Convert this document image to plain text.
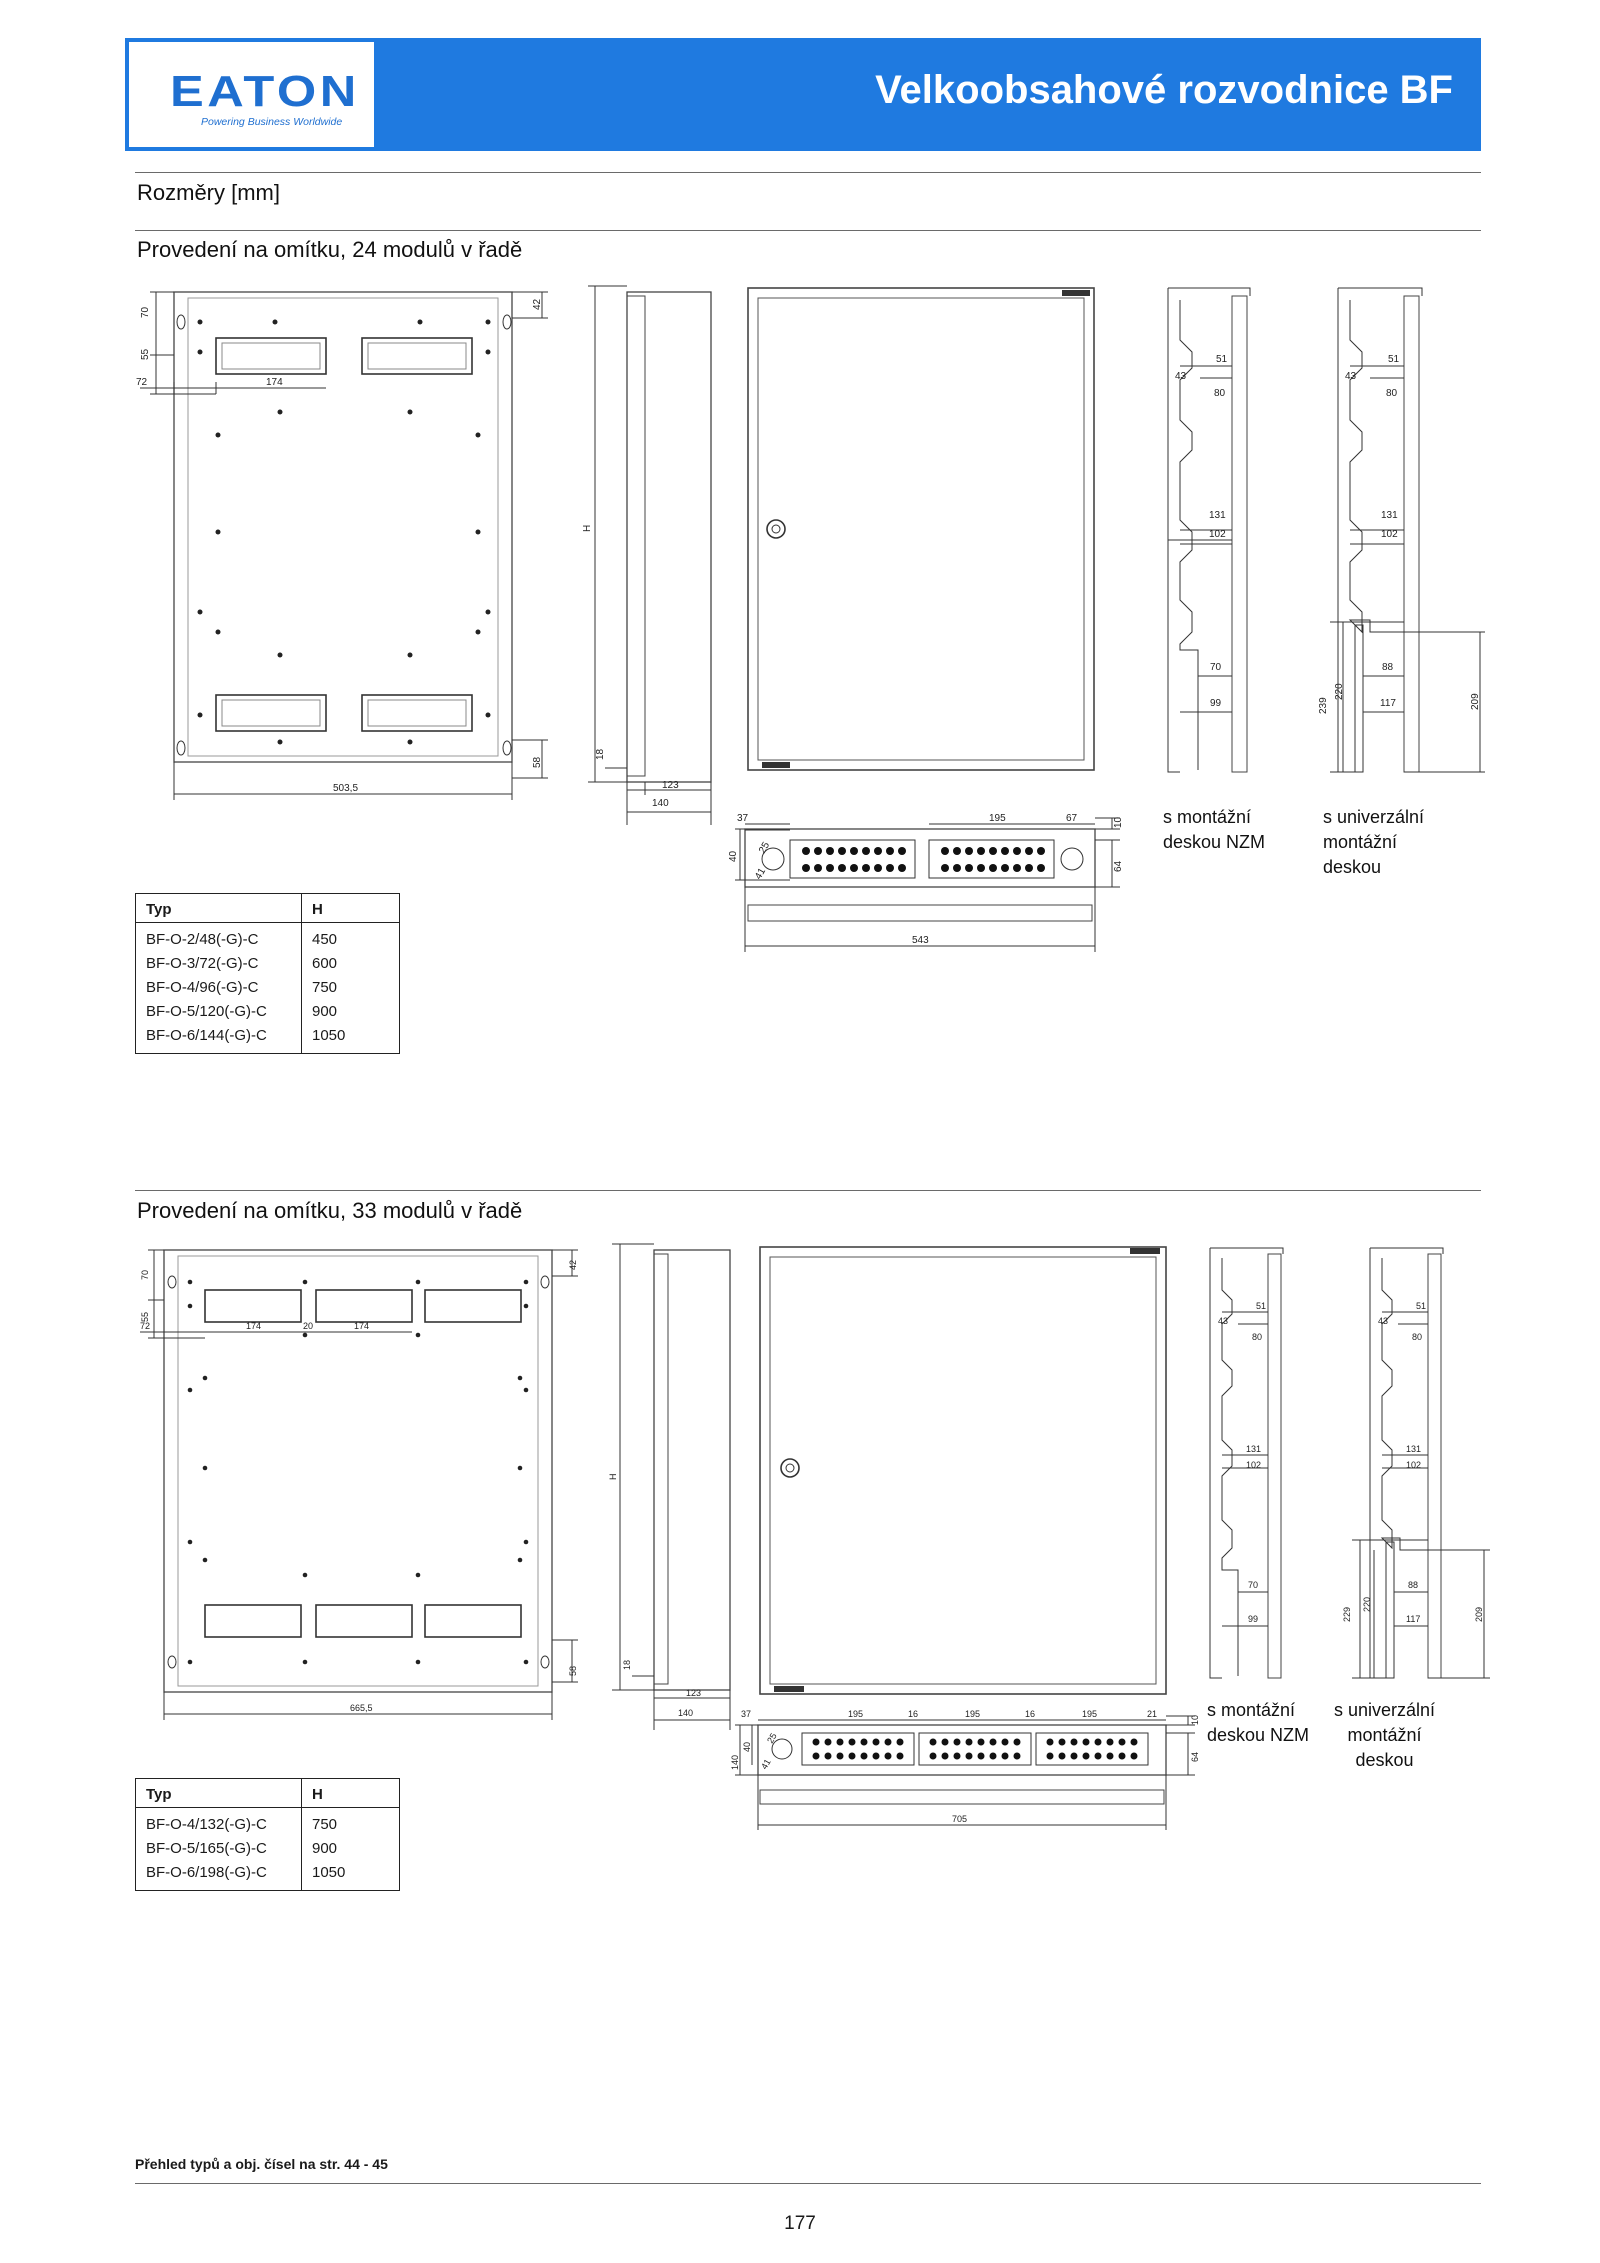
EATON
Powering Business Worldwide
Velkoobsahové rozvodnice BF
Rozměry [mm]
Provedení na omítku, 24 modulů v řadě
70
55
42
72	174
58
503,5
H
18
123
140
37	195	67	10
40
64
543
25
41
51
43
80
131
102
70
99
51
43
80
131
102
88
117
239
220
209
s montážní
deskou NZM
s univerzální
montážní
deskou
Typ	H
BF-O-2/48(-G)-C	450
BF-O-3/72(-G)-C	600
BF-O-4/96(-G)-C	750
BF-O-5/120(-G)-C	900
BF-O-6/144(-G)-C	1050
Provedení na omítku, 33 modulů v řadě
70
55
42
72	174	20	174
58
665,5
H
18
123
140	37	195	16	195	16	195	21
10
40
140	64
705
25
41
51
43
80
131
102
70
99
51
43
80
131
102
88
117
229
220
209
s montážní
deskou NZM
s univerzální
montážní
deskou
Typ	H
BF-O-4/132(-G)-C	750
BF-O-5/165(-G)-C	900
BF-O-6/198(-G)-C	1050
Přehled typů a obj. čísel na str. 44 - 45
177
